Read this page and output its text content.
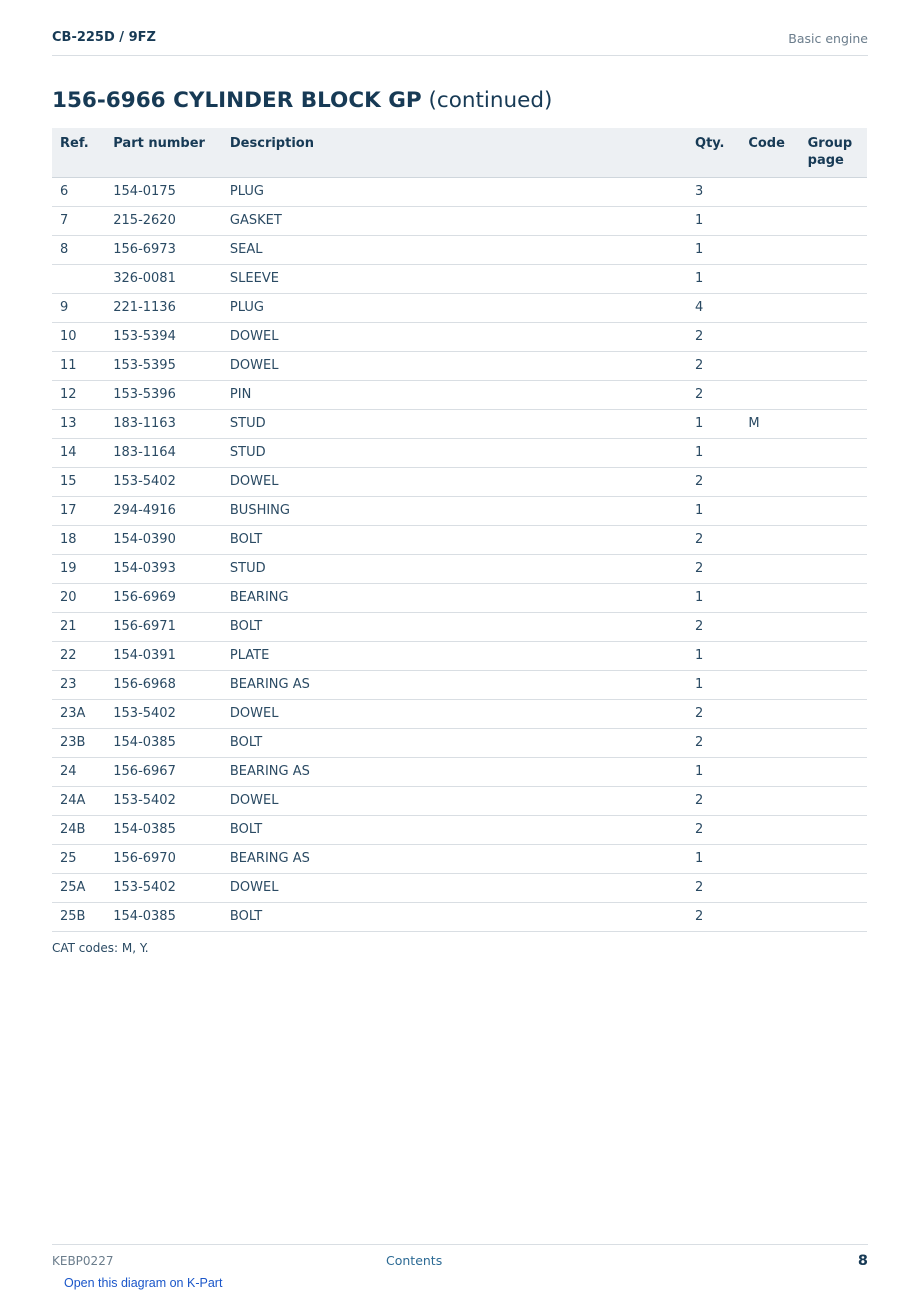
CB-225D / 9FZ	Basic engine
156-6966 CYLINDER BLOCK GP (continued)
Ref.	Part number	Description	Qty.	Code	Group page
6	154-0175	PLUG	3		
7	215-2620	GASKET	1		
8	156-6973	SEAL	1		
	326-0081	SLEEVE	1		
9	221-1136	PLUG	4		
10	153-5394	DOWEL	2		
11	153-5395	DOWEL	2		
12	153-5396	PIN	2		
13	183-1163	STUD	1	M	
14	183-1164	STUD	1		
15	153-5402	DOWEL	2		
17	294-4916	BUSHING	1		
18	154-0390	BOLT	2		
19	154-0393	STUD	2		
20	156-6969	BEARING	1		
21	156-6971	BOLT	2		
22	154-0391	PLATE	1		
23	156-6968	BEARING AS	1		
23A	153-5402	DOWEL	2		
23B	154-0385	BOLT	2		
24	156-6967	BEARING AS	1		
24A	153-5402	DOWEL	2		
24B	154-0385	BOLT	2		
25	156-6970	BEARING AS	1		
25A	153-5402	DOWEL	2		
25B	154-0385	BOLT	2		
CAT codes: M, Y.
KEBP0227	Contents	8
Open this diagram on K-Part
